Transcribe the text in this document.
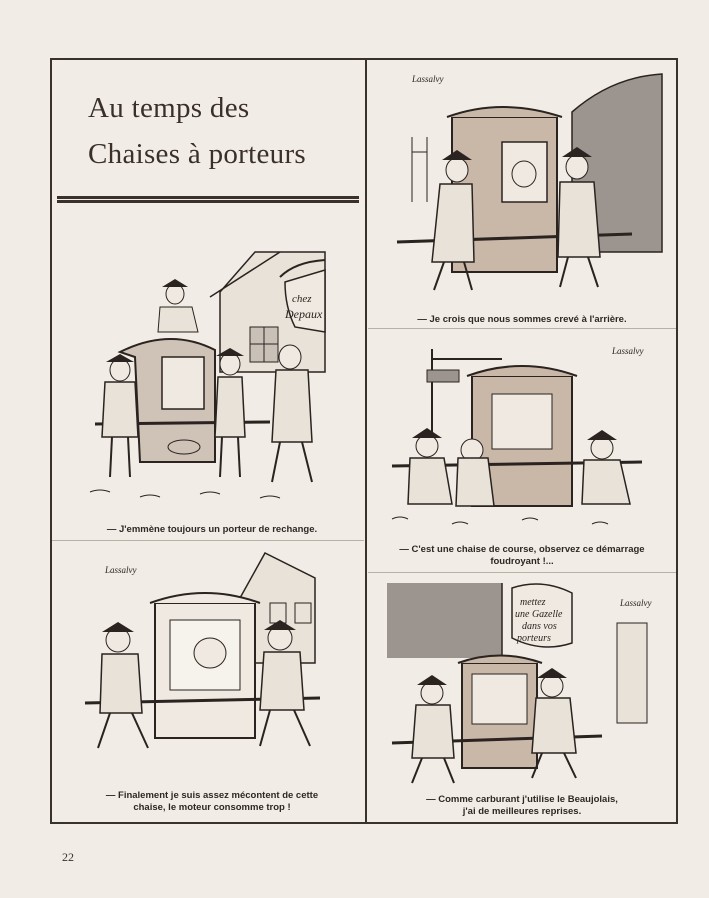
Au temps des
Chaises à porteurs
chez
Depaux
— J'emmène toujours un porteur de rechange.
Lassalvy
— Je crois que nous sommes crevé à l'arrière.
Lassalvy
— C'est une chaise de course, observez ce démarrage
foudroyant !...
Lassalvy
— Finalement je suis assez mécontent de cette
chaise, le moteur consomme trop !
Lassalvy
mettez
une Gazelle
dans vos
porteurs
— Comme carburant j'utilise le Beaujolais,
j'ai de meilleures reprises.
22
